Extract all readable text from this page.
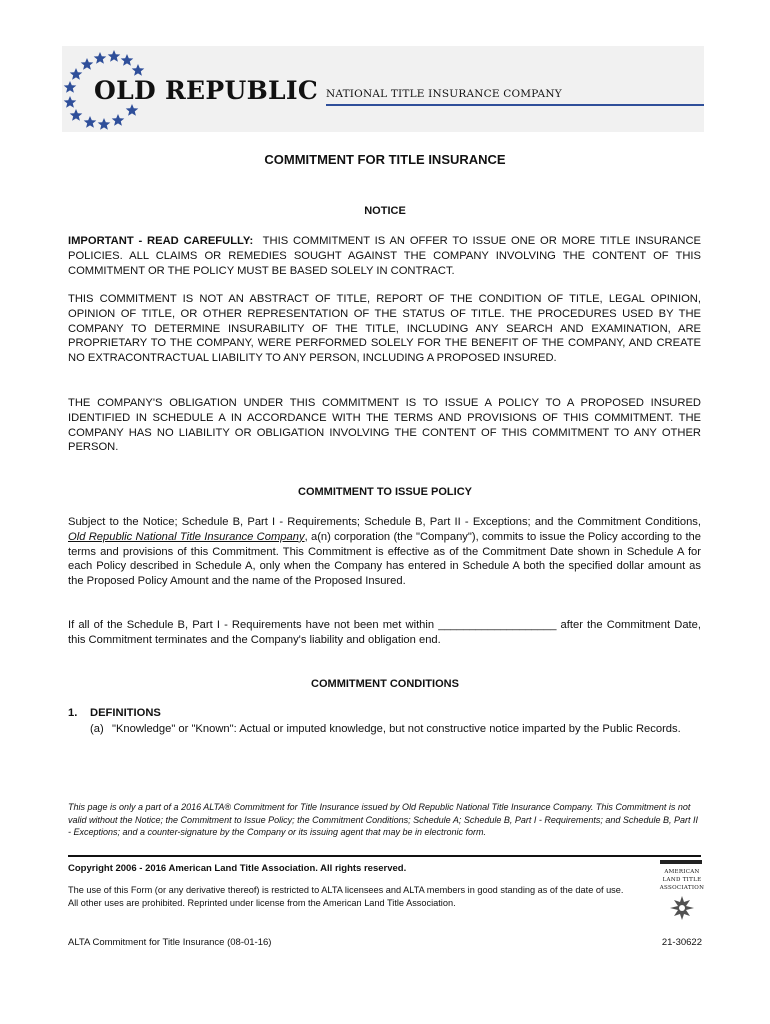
OLD REPUBLIC NATIONAL TITLE INSURANCE COMPANY
COMMITMENT FOR TITLE INSURANCE
NOTICE

IMPORTANT - READ CAREFULLY: THIS COMMITMENT IS AN OFFER TO ISSUE ONE OR MORE TITLE INSURANCE POLICIES. ALL CLAIMS OR REMEDIES SOUGHT AGAINST THE COMPANY INVOLVING THE CONTENT OF THIS COMMITMENT OR THE POLICY MUST BE BASED SOLELY IN CONTRACT.

THIS COMMITMENT IS NOT AN ABSTRACT OF TITLE, REPORT OF THE CONDITION OF TITLE, LEGAL OPINION, OPINION OF TITLE, OR OTHER REPRESENTATION OF THE STATUS OF TITLE. THE PROCEDURES USED BY THE COMPANY TO DETERMINE INSURABILITY OF THE TITLE, INCLUDING ANY SEARCH AND EXAMINATION, ARE PROPRIETARY TO THE COMPANY, WERE PERFORMED SOLELY FOR THE BENEFIT OF THE COMPANY, AND CREATE NO EXTRACONTRACTUAL LIABILITY TO ANY PERSON, INCLUDING A PROPOSED INSURED.

THE COMPANY'S OBLIGATION UNDER THIS COMMITMENT IS TO ISSUE A POLICY TO A PROPOSED INSURED IDENTIFIED IN SCHEDULE A IN ACCORDANCE WITH THE TERMS AND PROVISIONS OF THIS COMMITMENT. THE COMPANY HAS NO LIABILITY OR OBLIGATION INVOLVING THE CONTENT OF THIS COMMITMENT TO ANY OTHER PERSON.

COMMITMENT TO ISSUE POLICY

Subject to the Notice; Schedule B, Part I - Requirements; Schedule B, Part II - Exceptions; and the Commitment Conditions, Old Republic National Title Insurance Company, a(n) corporation (the "Company"), commits to issue the Policy according to the terms and provisions of this Commitment. This Commitment is effective as of the Commitment Date shown in Schedule A for each Policy described in Schedule A, only when the Company has entered in Schedule A both the specified dollar amount as the Proposed Policy Amount and the name of the Proposed Insured.

If all of the Schedule B, Part I - Requirements have not been met within ___________________ after the Commitment Date, this Commitment terminates and the Company's liability and obligation end.

COMMITMENT CONDITIONS
1. DEFINITIONS
(a) "Knowledge" or "Known": Actual or imputed knowledge, but not constructive notice imparted by the Public Records.

This page is only a part of a 2016 ALTA® Commitment for Title Insurance issued by Old Republic National Title Insurance Company. This Commitment is not valid without the Notice; the Commitment to Issue Policy; the Commitment Conditions; Schedule A; Schedule B, Part I - Requirements; and Schedule B, Part II - Exceptions; and a counter-signature by the Company or its issuing agent that may be in electronic form.

Copyright 2006 - 2016 American Land Title Association. All rights reserved.

The use of this Form (or any derivative thereof) is restricted to ALTA licensees and ALTA members in good standing as of the date of use. All other uses are prohibited. Reprinted under license from the American Land Title Association.

AMERICAN
LAND TITLE
ASSOCIATION
ALTA Commitment for Title Insurance (08-01-16)	21-30622
